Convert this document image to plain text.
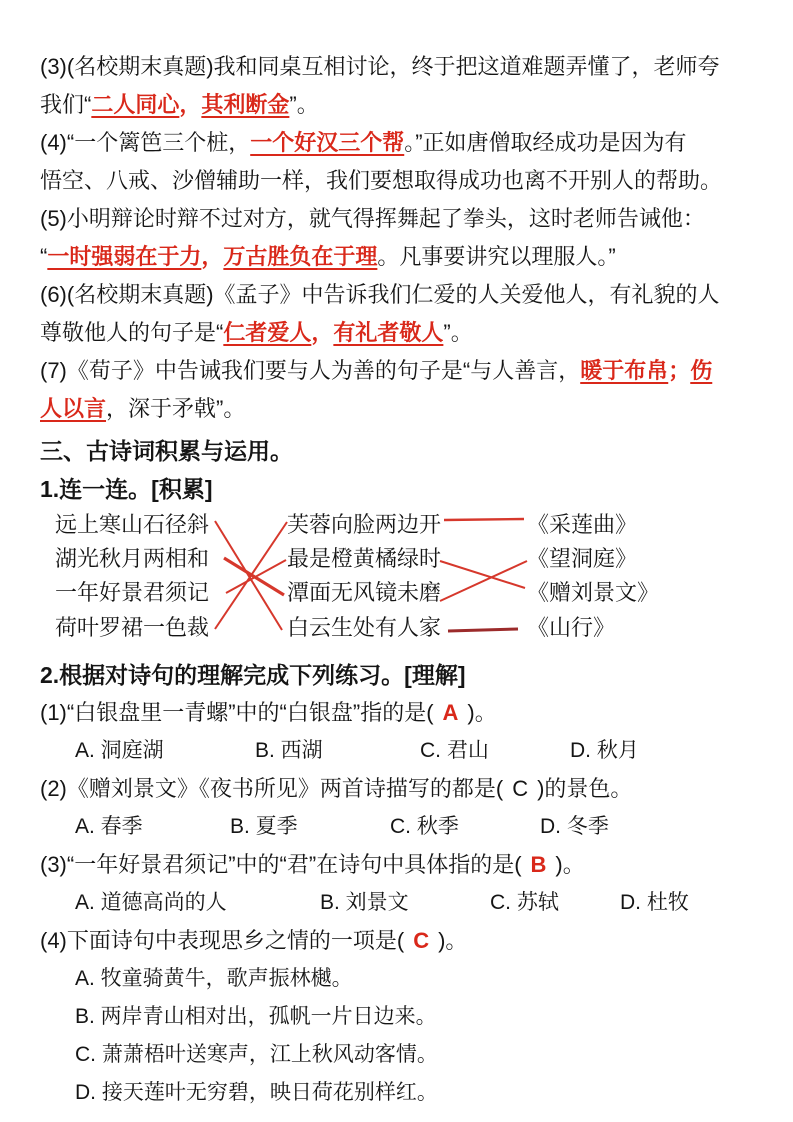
(3)(名校期末真题)我和同桌互相讨论，终于把这道难题弄懂了，老师夸

我们“二人同心，其利断金”。

(4)“一个篱笆三个桩，一个好汉三个帮。”正如唐僧取经成功是因为有

悟空、八戒、沙僧辅助一样，我们要想取得成功也离不开别人的帮助。

(5)小明辩论时辩不过对方，就气得挥舞起了拳头，这时老师告诫他：

“一时强弱在于力，万古胜负在于理。凡事要讲究以理服人。”

(6)(名校期末真题)《孟子》中告诉我们仁爱的人关爱他人，有礼貌的人

尊敬他人的句子是“仁者爱人，有礼者敬人”。

(7)《荀子》中告诫我们要与人为善的句子是“与人善言，暖于布帛；伤

人以言，深于矛戟”。

三、古诗词积累与运用。

1.连一连。[积累]

远上寒山石径斜
湖光秋月两相和
一年好景君须记
荷叶罗裙一色裁
芙蓉向脸两边开
最是橙黄橘绿时
潭面无风镜未磨
白云生处有人家
《采莲曲》
《望洞庭》
《赠刘景文》
《山行》

2.根据对诗句的理解完成下列练习。[理解]

(1)“白银盘里一青螺”中的“白银盘”指的是( A )。

A. 洞庭湖	B. 西湖	C. 君山	D. 秋月

(2)《赠刘景文》《夜书所见》两首诗描写的都是( C )的景色。

A. 春季	B. 夏季	C. 秋季	D. 冬季

(3)“一年好景君须记”中的“君”在诗句中具体指的是( B )。

A. 道德高尚的人	B. 刘景文	C. 苏轼	D. 杜牧

(4)下面诗句中表现思乡之情的一项是( C )。

A. 牧童骑黄牛，歌声振林樾。

B. 两岸青山相对出，孤帆一片日边来。

C. 萧萧梧叶送寒声，江上秋风动客情。

D. 接天莲叶无穷碧，映日荷花别样红。
